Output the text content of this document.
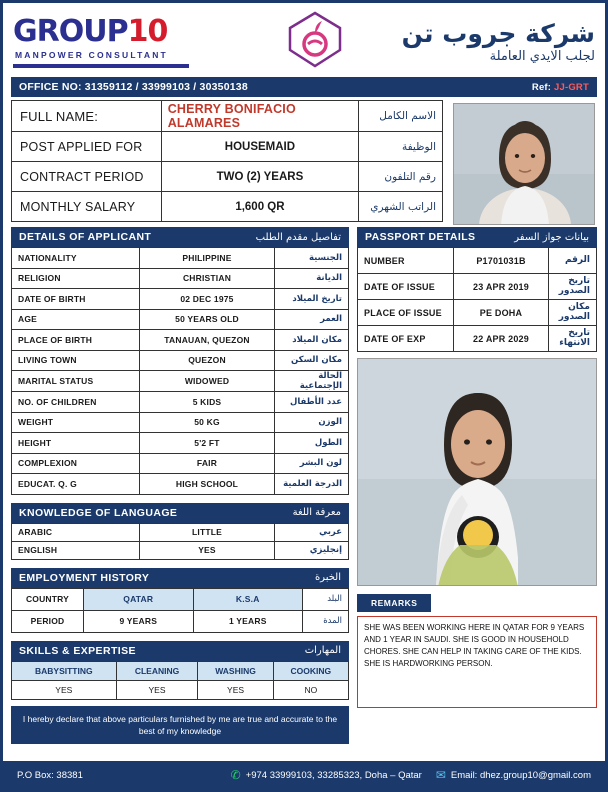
GROUP10
MANPOWER CONSULTANT
شركة جروب تن
لجلب الايدي العاملة
OFFICE NO: 31359112 / 33999103 / 30350138	Ref: JJ-GRT
FULL NAME:	CHERRY BONIFACIO ALAMARES	الاسم الكامل
POST APPLIED FOR	HOUSEMAID	الوظيفة
CONTRACT PERIOD	TWO (2) YEARS	رقم التلفون
MONTHLY SALARY	1,600 QR	الراتب الشهري
DETAILS OF APPLICANT	تفاصيل مقدم الطلب
NATIONALITY	PHILIPPINE	الجنسية
RELIGION	CHRISTIAN	الديانة
DATE OF BIRTH	02 DEC 1975	تاريخ الميلاد
AGE	50 YEARS OLD	العمر
PLACE OF BIRTH	TANAUAN, QUEZON	مكان الميلاد
LIVING TOWN	QUEZON	مكان السكن
MARITAL STATUS	WIDOWED	الحالة الإجتماعية
NO. OF CHILDREN	5 KIDS	عدد الأطفال
WEIGHT	50 KG	الوزن
HEIGHT	5'2 FT	الطول
COMPLEXION	FAIR	لون البشر
EDUCAT. Q. G	HIGH SCHOOL	الدرجة العلمية
KNOWLEDGE OF LANGUAGE	معرفة اللغة
ARABIC	LITTLE	عربي
ENGLISH	YES	إنجليزي
EMPLOYMENT HISTORY	الخبرة
COUNTRY	QATAR	K.S.A	البلد
PERIOD	9 YEARS	1 YEARS	المدة
SKILLS & EXPERTISE	المهارات
BABYSITTING	CLEANING	WASHING	COOKING
YES	YES	YES	NO
I hereby declare that above particulars furnished by me are true and accurate to the best of my knowledge
PASSPORT DETAILS	بيانات جواز السفر
NUMBER	P1701031B	الرقم
DATE OF ISSUE	23 APR 2019	تاريخ الصدور
PLACE OF ISSUE	PE DOHA	مكان الصدور
DATE OF EXP	22 APR 2029	تاريخ الانتهاء
REMARKS
SHE WAS BEEN WORKING HERE IN QATAR FOR 9 YEARS AND 1 YEAR IN SAUDI. SHE IS GOOD IN HOUSEHOLD CHORES. SHE CAN HELP IN TAKING CARE OF THE KIDS. SHE IS HARDWORKING PERSON.
P.O Box: 38381	✆ +974 33999103, 33285323, Doha – Qatar ✉ Email: dhez.group10@gmail.com
